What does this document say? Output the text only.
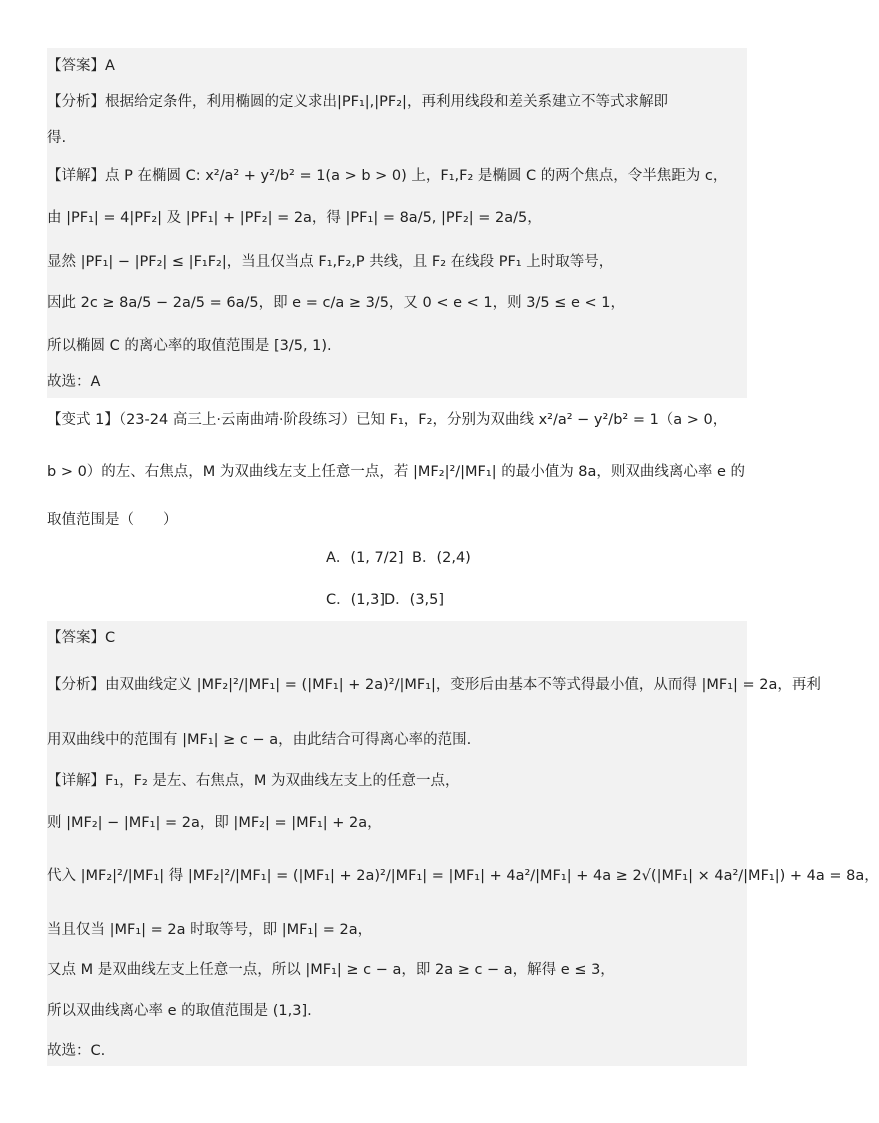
【答案】A
【分析】根据给定条件，利用椭圆的定义求出|PF₁|,|PF₂|，再利用线段和差关系建立不等式求解即
得.
【详解】点 P 在椭圆 C: x²/a² + y²/b² = 1(a > b > 0) 上，F₁,F₂ 是椭圆 C 的两个焦点，令半焦距为 c，
由 |PF₁| = 4|PF₂| 及 |PF₁| + |PF₂| = 2a，得 |PF₁| = 8a/5, |PF₂| = 2a/5，
显然 |PF₁| − |PF₂| ≤ |F₁F₂|，当且仅当点 F₁,F₂,P 共线，且 F₂ 在线段 PF₁ 上时取等号，
因此 2c ≥ 8a/5 − 2a/5 = 6a/5，即 e = c/a ≥ 3/5，又 0 < e < 1，则 3/5 ≤ e < 1，
所以椭圆 C 的离心率的取值范围是 [3/5, 1).
故选：A
【变式 1】（23-24 高三上·云南曲靖·阶段练习）已知 F₁，F₂，分别为双曲线 x²/a² − y²/b² = 1（a > 0，
b > 0）的左、右焦点，M 为双曲线左支上任意一点，若 |MF₂|²/|MF₁| 的最小值为 8a，则双曲线离心率 e 的
取值范围是（　　）
A．(1, 7/2] B．(2,4)
C．(1,3] D．(3,5]
【答案】C
【分析】由双曲线定义 |MF₂|²/|MF₁| = (|MF₁| + 2a)²/|MF₁|，变形后由基本不等式得最小值，从而得 |MF₁| = 2a，再利
用双曲线中的范围有 |MF₁| ≥ c − a，由此结合可得离心率的范围.
【详解】F₁，F₂ 是左、右焦点，M 为双曲线左支上的任意一点，
则 |MF₂| − |MF₁| = 2a，即 |MF₂| = |MF₁| + 2a，
代入 |MF₂|²/|MF₁| 得 |MF₂|²/|MF₁| = (|MF₁| + 2a)²/|MF₁| = |MF₁| + 4a²/|MF₁| + 4a ≥ 2√(|MF₁| × 4a²/|MF₁|) + 4a = 8a，
当且仅当 |MF₁| = 2a 时取等号，即 |MF₁| = 2a，
又点 M 是双曲线左支上任意一点，所以 |MF₁| ≥ c − a，即 2a ≥ c − a，解得 e ≤ 3，
所以双曲线离心率 e 的取值范围是 (1,3].
故选：C.
